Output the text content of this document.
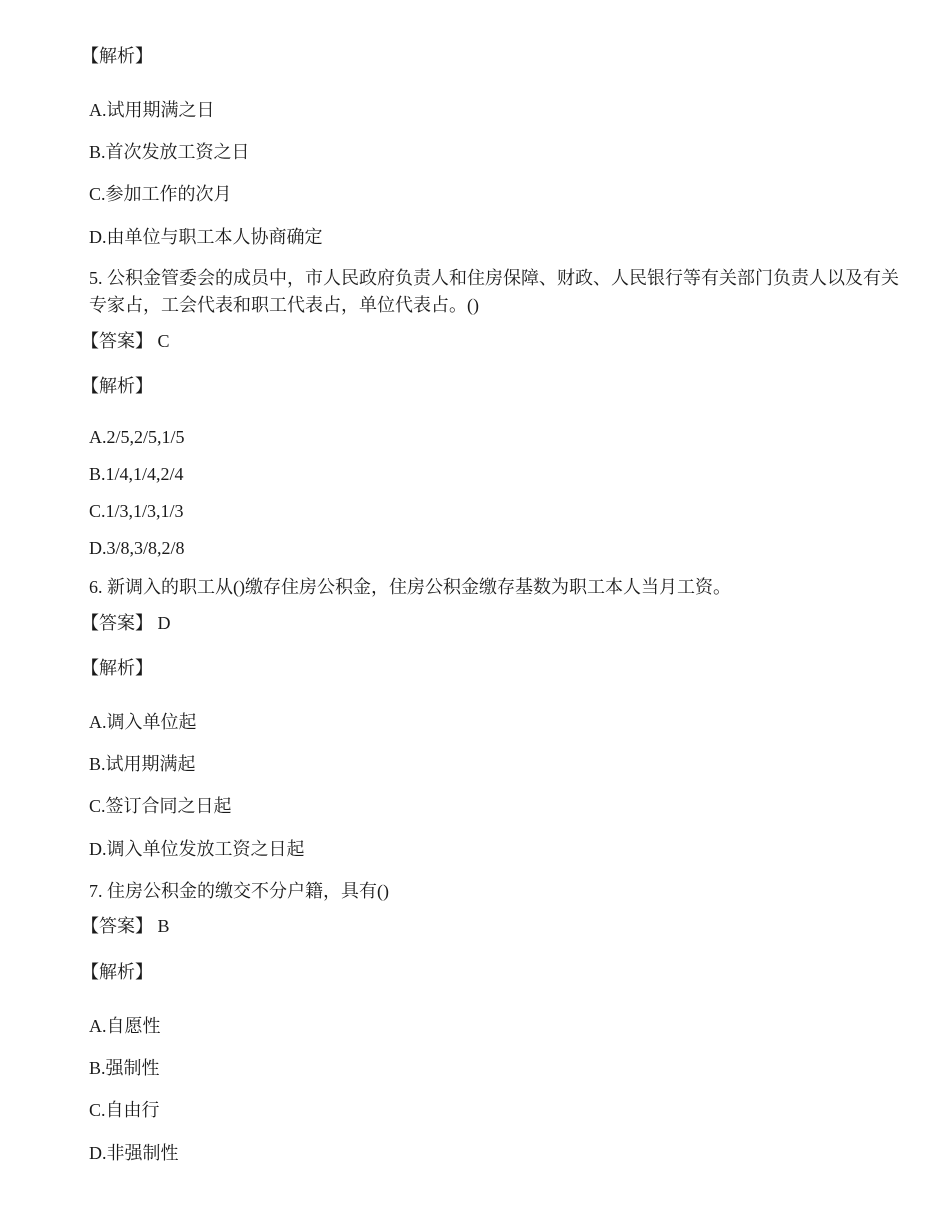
【解析】
A.试用期满之日
B.首次发放工资之日
C.参加工作的次月
D.由单位与职工本人协商确定
5. 公积金管委会的成员中，市人民政府负责人和住房保障、财政、人民银行等有关部门负责人以及有关专家占，工会代表和职工代表占，单位代表占。()
【答案】 C
【解析】
A.2/5,2/5,1/5
B.1/4,1/4,2/4
C.1/3,1/3,1/3
D.3/8,3/8,2/8
6. 新调入的职工从()缴存住房公积金，住房公积金缴存基数为职工本人当月工资。
【答案】 D
【解析】
A.调入单位起
B.试用期满起
C.签订合同之日起
D.调入单位发放工资之日起
7. 住房公积金的缴交不分户籍，具有()
【答案】 B
【解析】
A.自愿性
B.强制性
C.自由行
D.非强制性
